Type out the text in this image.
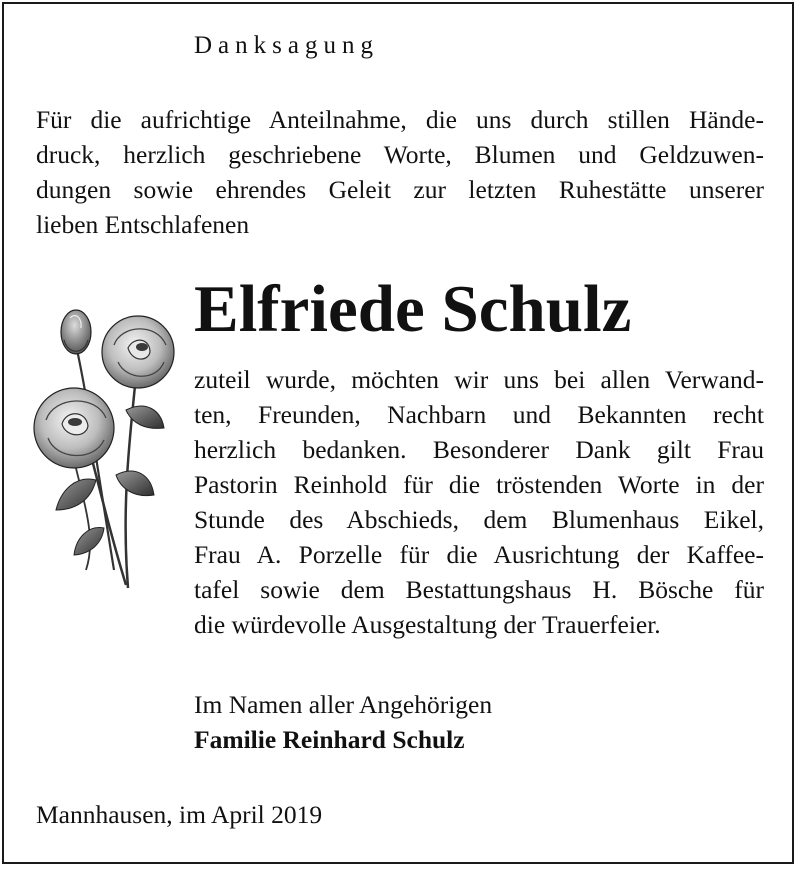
Danksagung
Für die aufrichtige Anteilnahme, die uns durch stillen Hände-
druck, herzlich geschriebene Worte, Blumen und Geldzuwen-
dungen sowie ehrendes Geleit zur letzten Ruhestätte unserer
lieben Entschlafenen
Elfriede Schulz
zuteil wurde, möchten wir uns bei allen Verwand-
ten, Freunden, Nachbarn und Bekannten recht
herzlich bedanken. Besonderer Dank gilt Frau
Pastorin Reinhold für die tröstenden Worte in der
Stunde des Abschieds, dem Blumenhaus Eikel,
Frau A. Porzelle für die Ausrichtung der Kaffee-
tafel sowie dem Bestattungshaus H. Bösche für
die würdevolle Ausgestaltung der Trauerfeier.
Im Namen aller Angehörigen
Familie Reinhard Schulz
Mannhausen, im April 2019
